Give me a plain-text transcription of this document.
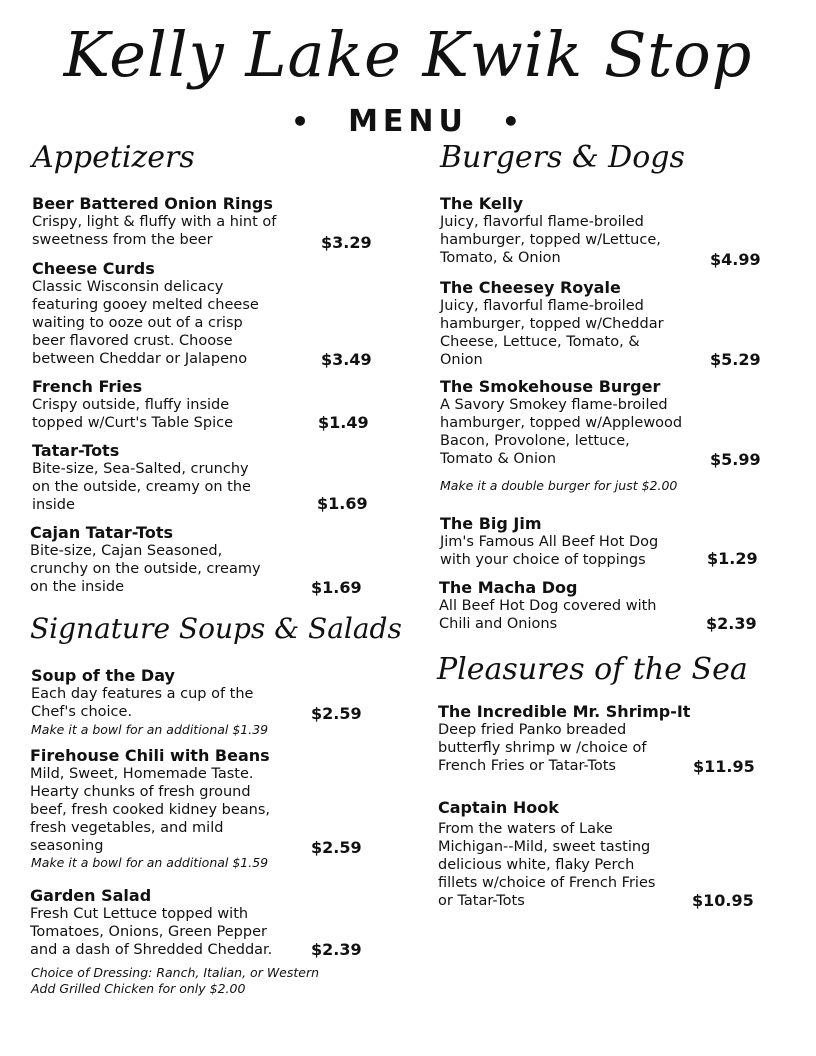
Kelly Lake Kwik Stop
• MENU •
Appetizers
Beer Battered Onion Rings
Crispy, light & fluffy with a hint of
sweetness from the beer	$3.29
Cheese Curds
Classic Wisconsin delicacy
featuring gooey melted cheese
waiting to ooze out of a crisp
beer flavored crust. Choose
between Cheddar or Jalapeno	$3.49
French Fries
Crispy outside, fluffy inside
topped w/Curt's Table Spice	$1.49
Tatar-Tots
Bite-size, Sea-Salted, crunchy
on the outside, creamy on the
inside	$1.69
Cajan Tatar-Tots
Bite-size, Cajan Seasoned,
crunchy on the outside, creamy
on the inside	$1.69
Signature Soups & Salads
Soup of the Day
Each day features a cup of the
Chef's choice.	$2.59
Make it a bowl for an additional $1.39
Firehouse Chili with Beans
Mild, Sweet, Homemade Taste.
Hearty chunks of fresh ground
beef, fresh cooked kidney beans,
fresh vegetables, and mild
seasoning	$2.59
Make it a bowl for an additional $1.59
Garden Salad
Fresh Cut Lettuce topped with
Tomatoes, Onions, Green Pepper
and a dash of Shredded Cheddar. $2.39
Choice of Dressing: Ranch, Italian, or Western
Add Grilled Chicken for only $2.00
Burgers & Dogs
The Kelly
Juicy, flavorful flame-broiled
hamburger, topped w/Lettuce,
Tomato, & Onion	$4.99
The Cheesey Royale
Juicy, flavorful flame-broiled
hamburger, topped w/Cheddar
Cheese, Lettuce, Tomato, &
Onion	$5.29
The Smokehouse Burger
A Savory Smokey flame-broiled
hamburger, topped w/Applewood
Bacon, Provolone, lettuce,
Tomato & Onion	$5.99
Make it a double burger for just $2.00
The Big Jim
Jim's Famous All Beef Hot Dog
with your choice of toppings	$1.29
The Macha Dog
All Beef Hot Dog covered with
Chili and Onions	$2.39
Pleasures of the Sea
The Incredible Mr. Shrimp-It
Deep fried Panko breaded
butterfly shrimp w /choice of
French Fries or Tatar-Tots	$11.95
Captain Hook
From the waters of Lake
Michigan--Mild, sweet tasting
delicious white, flaky Perch
fillets w/choice of French Fries
or Tatar-Tots	$10.95
